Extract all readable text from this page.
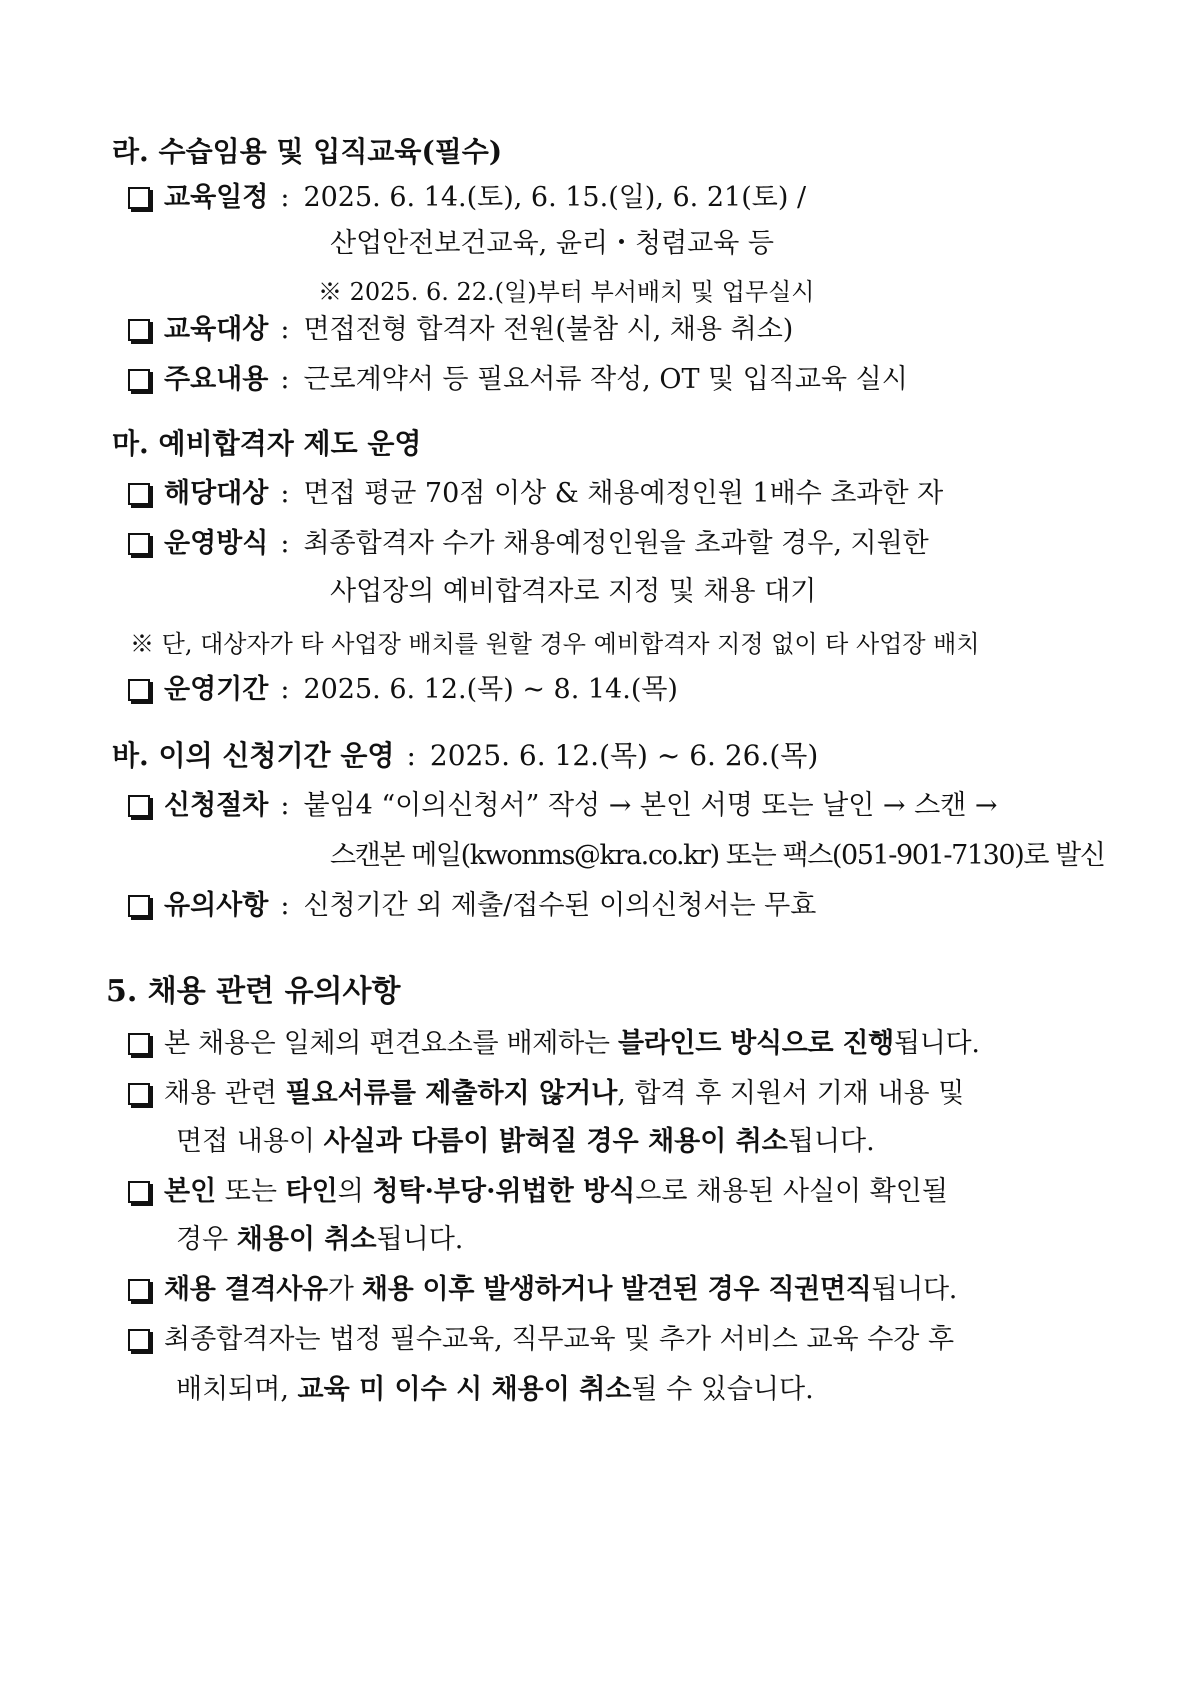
라. 수습임용 및 입직교육(필수)
교육일정 : 2025. 6. 14.(토), 6. 15.(일), 6. 21(토) /
산업안전보건교육, 윤리・청렴교육 등
※ 2025. 6. 22.(일)부터 부서배치 및 업무실시
교육대상 : 면접전형 합격자 전원(불참 시, 채용 취소)
주요내용 : 근로계약서 등 필요서류 작성, OT 및 입직교육 실시
마. 예비합격자 제도 운영
해당대상 : 면접 평균 70점 이상 & 채용예정인원 1배수 초과한 자
운영방식 : 최종합격자 수가 채용예정인원을 초과할 경우, 지원한
사업장의 예비합격자로 지정 및 채용 대기
※ 단, 대상자가 타 사업장 배치를 원할 경우 예비합격자 지정 없이 타 사업장 배치
운영기간 : 2025. 6. 12.(목) ~ 8. 14.(목)
바. 이의 신청기간 운영 : 2025. 6. 12.(목) ~ 6. 26.(목)
신청절차 : 붙임4 “이의신청서” 작성 → 본인 서명 또는 날인 → 스캔 →
스캔본 메일(kwonms@kra.co.kr) 또는 팩스(051-901-7130)로 발신
유의사항 : 신청기간 외 제출/접수된 이의신청서는 무효
5. 채용 관련 유의사항
본 채용은 일체의 편견요소를 배제하는 블라인드 방식으로 진행됩니다.
채용 관련 필요서류를 제출하지 않거나, 합격 후 지원서 기재 내용 및
면접 내용이 사실과 다름이 밝혀질 경우 채용이 취소됩니다.
본인 또는 타인의 청탁·부당·위법한 방식으로 채용된 사실이 확인될
경우 채용이 취소됩니다.
채용 결격사유가 채용 이후 발생하거나 발견된 경우 직권면직됩니다.
최종합격자는 법정 필수교육, 직무교육 및 추가 서비스 교육 수강 후
배치되며, 교육 미 이수 시 채용이 취소될 수 있습니다.
